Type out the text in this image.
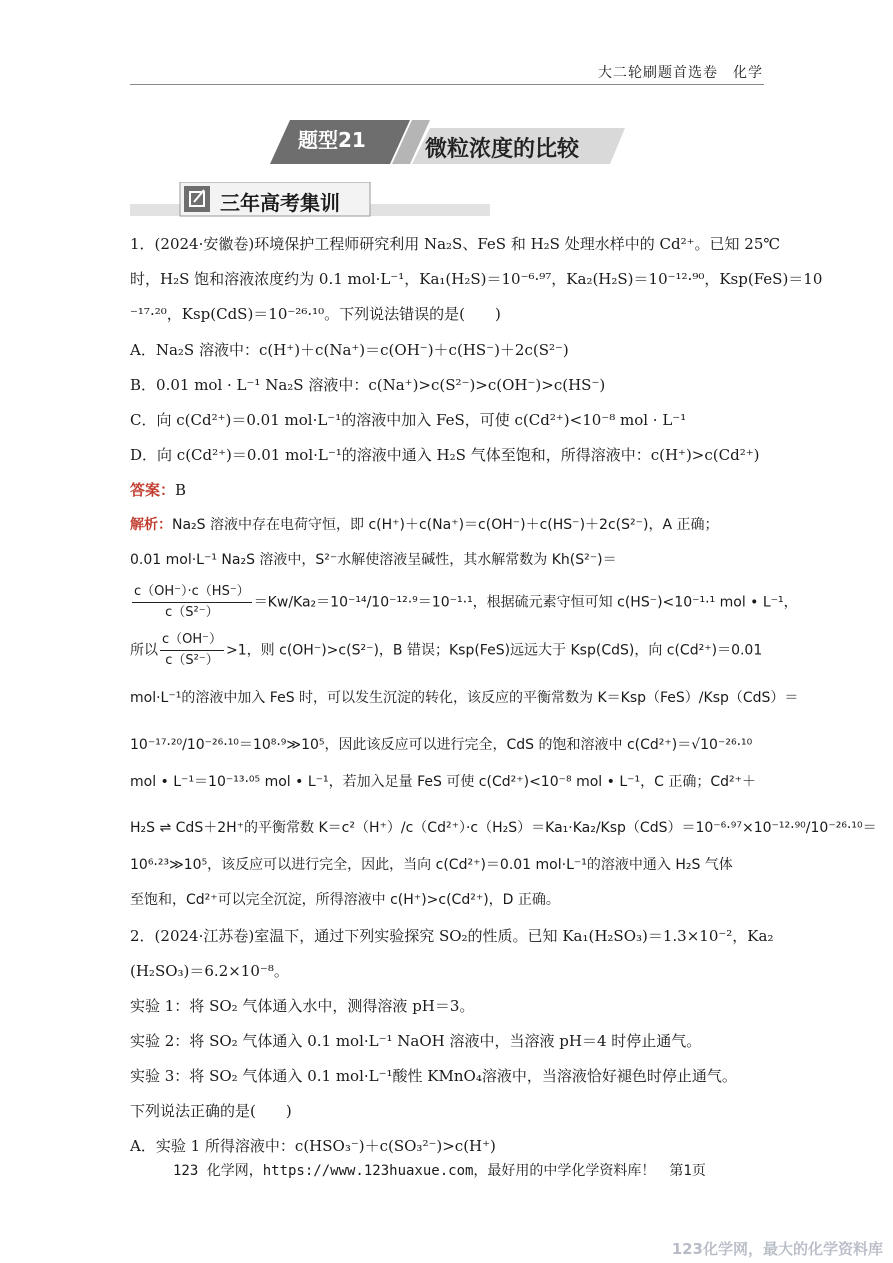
大二轮刷题首选卷　化学
题型21	微粒浓度的比较
三年高考集训
1．(2024·安徽卷)环境保护工程师研究利用 Na₂S、FeS 和 H₂S 处理水样中的 Cd²⁺。已知 25℃
时，H₂S 饱和溶液浓度约为 0.1 mol·L⁻¹，Ka₁(H₂S)＝10⁻⁶·⁹⁷，Ka₂(H₂S)＝10⁻¹²·⁹⁰，Ksp(FeS)＝10
⁻¹⁷·²⁰，Ksp(CdS)＝10⁻²⁶·¹⁰。下列说法错误的是(　　)
A．Na₂S 溶液中：c(H⁺)＋c(Na⁺)＝c(OH⁻)＋c(HS⁻)＋2c(S²⁻)
B．0.01 mol · L⁻¹ Na₂S 溶液中：c(Na⁺)>c(S²⁻)>c(OH⁻)>c(HS⁻)
C．向 c(Cd²⁺)＝0.01 mol·L⁻¹的溶液中加入 FeS，可使 c(Cd²⁺)<10⁻⁸ mol · L⁻¹
D．向 c(Cd²⁺)＝0.01 mol·L⁻¹的溶液中通入 H₂S 气体至饱和，所得溶液中：c(H⁺)>c(Cd²⁺)
答案：B
解析：Na₂S 溶液中存在电荷守恒，即 c(H⁺)＋c(Na⁺)＝c(OH⁻)＋c(HS⁻)＋2c(S²⁻)，A 正确；
0.01 mol·L⁻¹ Na₂S 溶液中，S²⁻水解使溶液呈碱性，其水解常数为 Kh(S²⁻)＝
$\frac{c(OH^-)\cdot c(HS^-)}{\text{c（S²⁻）}} =Kw/Ka_2=10^{-14}/10^{-12}\cdot^9=10^{-1}\cdot^1$，根据硫元素守恒可知 c(HS⁻)<10⁻¹·¹ mol • L⁻¹，
所以 $\frac{c(OH^-)}{\text{c（S²⁻）}} >1$，则 c(OH⁻)>c(S²⁻)，B 错误；Ksp(FeS)远远大于 Ksp(CdS)，向 c(Cd²⁺)＝0.01
mol·L⁻¹的溶液中加入 FeS 时，可以发生沉淀的转化，该反应的平衡常数为 K＝Ksp（FeS）/Ksp（CdS）＝
10⁻¹⁷·²⁰/10⁻²⁶·¹⁰＝10⁸·⁹≫10⁵，因此该反应可以进行完全，CdS 的饱和溶液中 c(Cd²⁺)＝√10⁻²⁶·¹⁰
mol • L⁻¹＝10⁻¹³·⁰⁵ mol • L⁻¹，若加入足量 FeS 可使 c(Cd²⁺)<10⁻⁸ mol • L⁻¹，C 正确；Cd²⁺＋
H₂S ⇌ CdS＋2H⁺的平衡常数 K＝c²（H⁺）/c（Cd²⁺）·c（H₂S）＝Ka₁·Ka₂/Ksp（CdS）＝10⁻⁶·⁹⁷×10⁻¹²·⁹⁰/10⁻²⁶·¹⁰＝
10⁶·²³≫10⁵，该反应可以进行完全，因此，当向 c(Cd²⁺)＝0.01 mol·L⁻¹的溶液中通入 H₂S 气体
至饱和，Cd²⁺可以完全沉淀，所得溶液中 c(H⁺)>c(Cd²⁺)，D 正确。
2．(2024·江苏卷)室温下，通过下列实验探究 SO₂的性质。已知 Ka₁(H₂SO₃)＝1.3×10⁻²，Ka₂
(H₂SO₃)＝6.2×10⁻⁸。
实验 1：将 SO₂ 气体通入水中，测得溶液 pH＝3。
实验 2：将 SO₂ 气体通入 0.1 mol·L⁻¹ NaOH 溶液中，当溶液 pH＝4 时停止通气。
实验 3：将 SO₂ 气体通入 0.1 mol·L⁻¹酸性 KMnO₄溶液中，当溶液恰好褪色时停止通气。
下列说法正确的是(　　)
A．实验 1 所得溶液中：c(HSO₃⁻)＋c(SO₃²⁻)>c(H⁺)
123 化学网，https://www.123huaxue.com，最好用的中学化学资料库！　第1页
123化学网，最大的化学资料库
